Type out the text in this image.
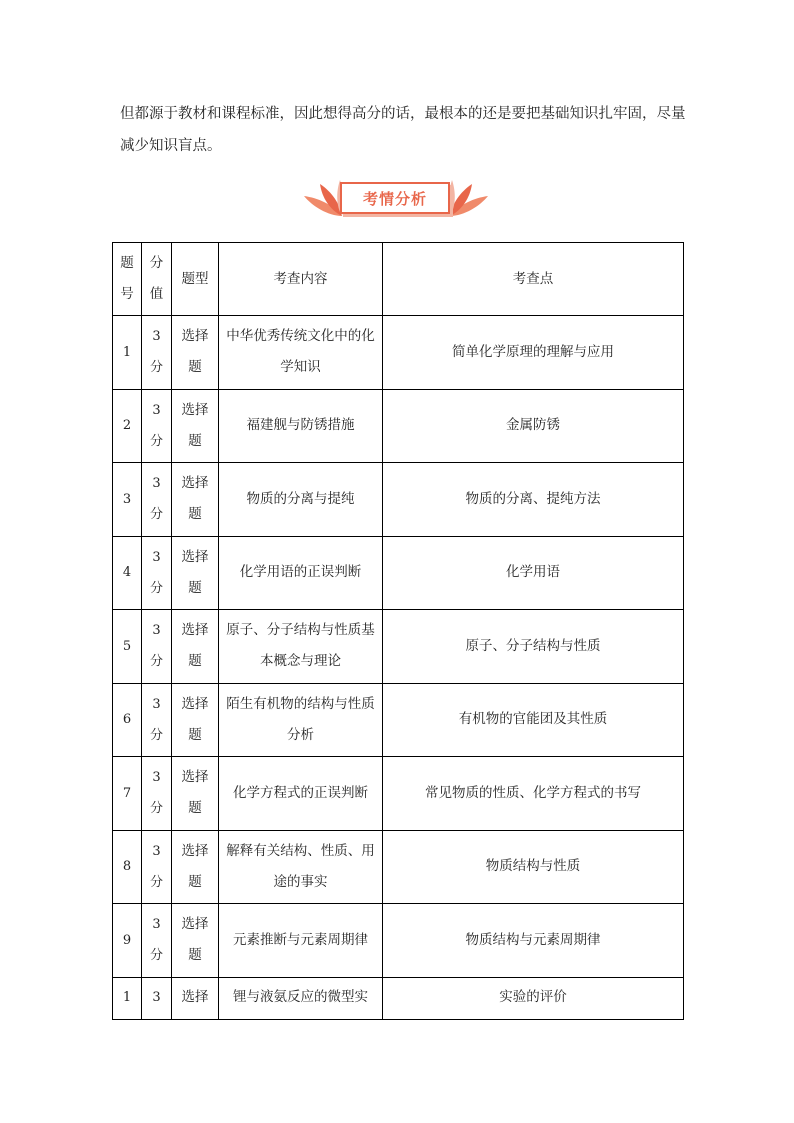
但都源于教材和课程标准，因此想得高分的话，最根本的还是要把基础知识扎牢固，尽量减少知识盲点。

考情分析
题号	分值	题型	考查内容	考查点
1	3分	选择题	中华优秀传统文化中的化学知识	简单化学原理的理解与应用
2	3分	选择题	福建舰与防锈措施	金属防锈
3	3分	选择题	物质的分离与提纯	物质的分离、提纯方法
4	3分	选择题	化学用语的正误判断	化学用语
5	3分	选择题	原子、分子结构与性质基本概念与理论	原子、分子结构与性质
6	3分	选择题	陌生有机物的结构与性质分析	有机物的官能团及其性质
7	3分	选择题	化学方程式的正误判断	常见物质的性质、化学方程式的书写
8	3分	选择题	解释有关结构、性质、用途的事实	物质结构与性质
9	3分	选择题	元素推断与元素周期律	物质结构与元素周期律
1	3	选择	锂与液氨反应的微型实	实验的评价
